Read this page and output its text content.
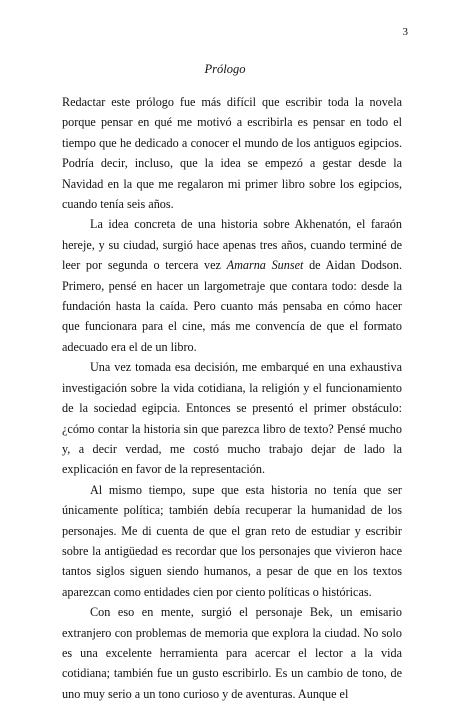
3
Prólogo

Redactar este prólogo fue más difícil que escribir toda la novela porque pensar en qué me motivó a escribirla es pensar en todo el tiempo que he dedicado a conocer el mundo de los antiguos egipcios. Podría decir, incluso, que la idea se empezó a gestar desde la Navidad en la que me regalaron mi primer libro sobre los egipcios, cuando tenía seis años.

La idea concreta de una historia sobre Akhenatón, el faraón hereje, y su ciudad, surgió hace apenas tres años, cuando terminé de leer por segunda o tercera vez Amarna Sunset de Aidan Dodson. Primero, pensé en hacer un largometraje que contara todo: desde la fundación hasta la caída. Pero cuanto más pensaba en cómo hacer que funcionara para el cine, más me convencía de que el formato adecuado era el de un libro.

Una vez tomada esa decisión, me embarqué en una exhaustiva investigación sobre la vida cotidiana, la religión y el funcionamiento de la sociedad egipcia. Entonces se presentó el primer obstáculo: ¿cómo contar la historia sin que parezca libro de texto? Pensé mucho y, a decir verdad, me costó mucho trabajo dejar de lado la explicación en favor de la representación.

Al mismo tiempo, supe que esta historia no tenía que ser únicamente política; también debía recuperar la humanidad de los personajes. Me di cuenta de que el gran reto de estudiar y escribir sobre la antigüedad es recordar que los personajes que vivieron hace tantos siglos siguen siendo humanos, a pesar de que en los textos aparezcan como entidades cien por ciento políticas o históricas.

Con eso en mente, surgió el personaje Bek, un emisario extranjero con problemas de memoria que explora la ciudad. No solo es una excelente herramienta para acercar el lector a la vida cotidiana; también fue un gusto escribirlo. Es un cambio de tono, de uno muy serio a un tono curioso y de aventuras. Aunque el
